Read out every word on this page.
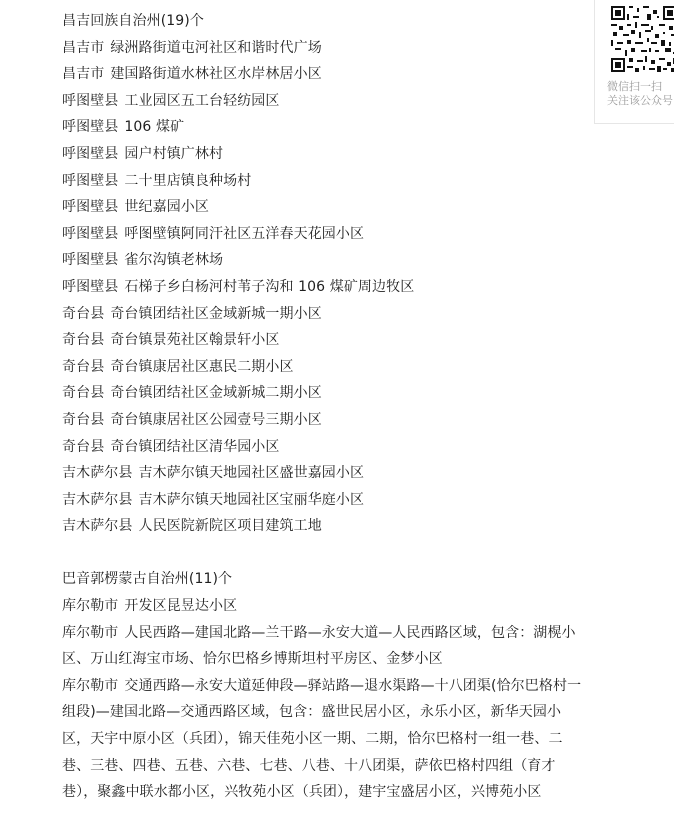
昌吉回族自治州(19)个
昌吉市 绿洲路街道屯河社区和谐时代广场
昌吉市 建国路街道水林社区水岸林居小区
呼图壁县 工业园区五工台轻纺园区
呼图壁县 106 煤矿
呼图壁县 园户村镇广林村
呼图壁县 二十里店镇良种场村
呼图壁县 世纪嘉园小区
呼图壁县 呼图壁镇阿同汗社区五洋春天花园小区
呼图壁县 雀尔沟镇老林场
呼图壁县 石梯子乡白杨河村苇子沟和 106 煤矿周边牧区
奇台县 奇台镇团结社区金域新城一期小区
奇台县 奇台镇景苑社区翰景轩小区
奇台县 奇台镇康居社区惠民二期小区
奇台县 奇台镇团结社区金域新城二期小区
奇台县 奇台镇康居社区公园壹号三期小区
奇台县 奇台镇团结社区清华园小区
吉木萨尔县 吉木萨尔镇天地园社区盛世嘉园小区
吉木萨尔县 吉木萨尔镇天地园社区宝丽华庭小区
吉木萨尔县 人民医院新院区项目建筑工地
巴音郭楞蒙古自治州(11)个
库尔勒市 开发区昆昱达小区
库尔勒市 人民西路—建国北路—兰干路—永安大道—人民西路区域，包含：湖榥小区、万山红海宝市场、恰尔巴格乡博斯坦村平房区、金梦小区
库尔勒市 交通西路—永安大道延伸段—驿站路—退水渠路—十八团渠(恰尔巴格村一组段)—建国北路—交通西路区域，包含：盛世民居小区，永乐小区，新华天园小区，天宇中原小区（兵团），锦天佳苑小区一期、二期，恰尔巴格村一组一巷、二巷、三巷、四巷、五巷、六巷、七巷、八巷、十八团渠，萨依巴格村四组（育才巷），聚鑫中联水都小区，兴牧苑小区（兵团），建宇宝盛居小区，兴博苑小区
微信扫一扫
关注该公众号
